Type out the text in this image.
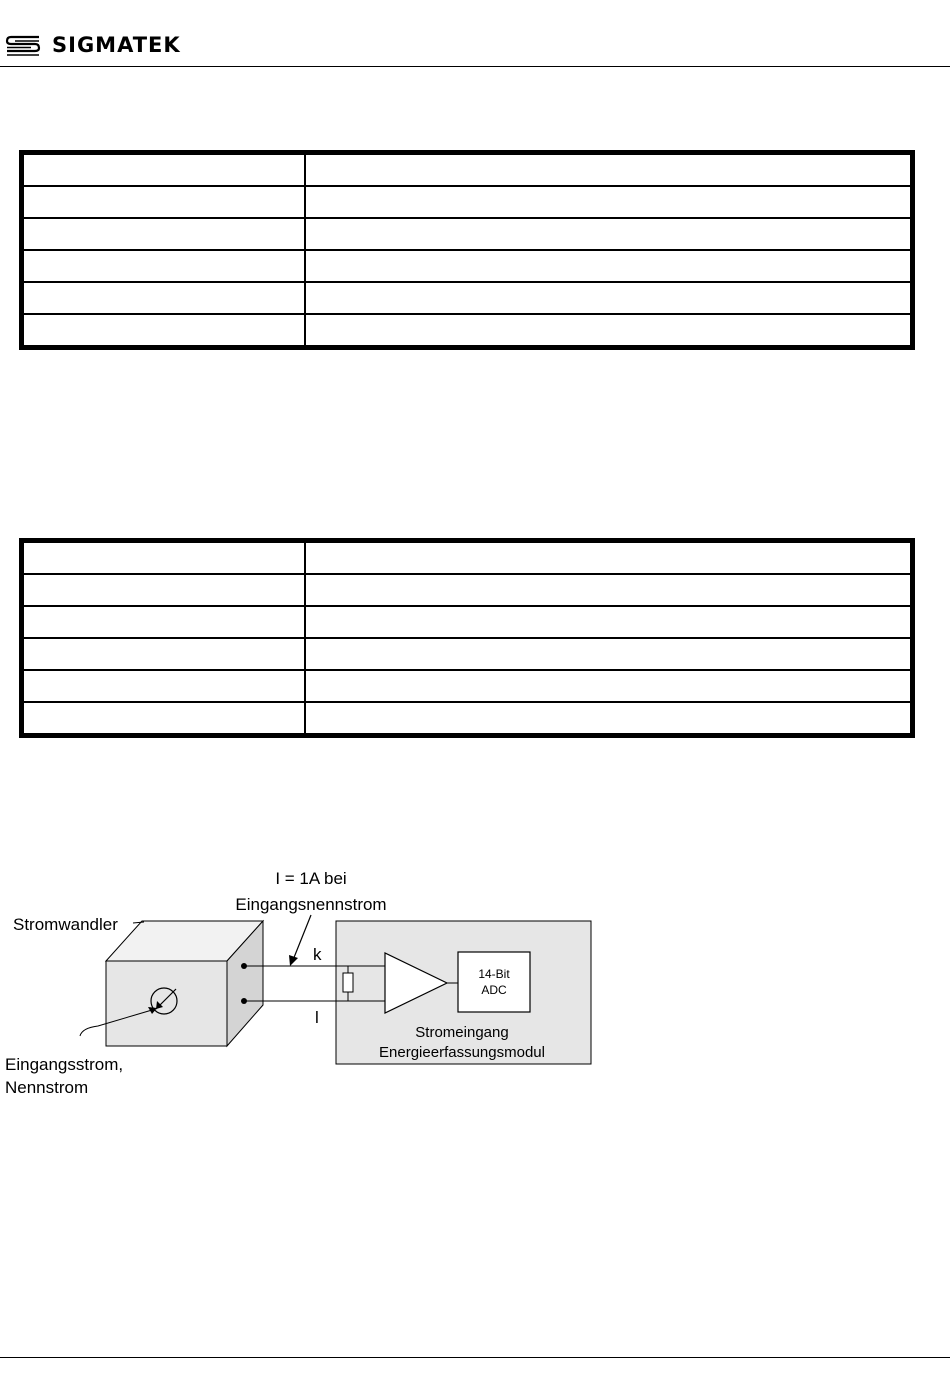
SIGMATEK

14-Bit
ADC
I = 1A bei
Eingangsnennstrom
k
l
Stromwandler
Stromeingang
Energieerfassungsmodul
Eingangsstrom,
Nennstrom
